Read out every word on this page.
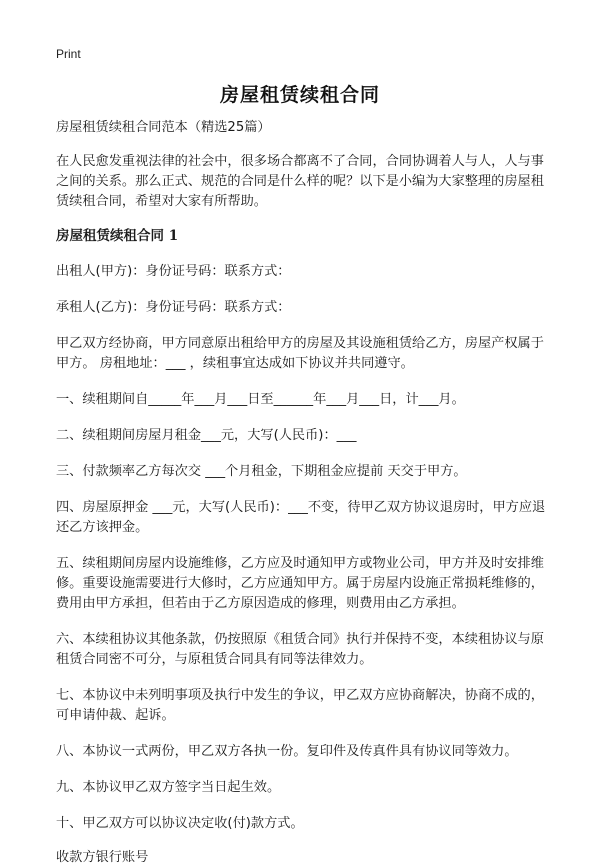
Print
房屋租赁续租合同

房屋租赁续租合同范本（精选25篇）

在人民愈发重视法律的社会中，很多场合都离不了合同，合同协调着人与人，人与事之间的关系。那么正式、规范的合同是什么样的呢？以下是小编为大家整理的房屋租赁续租合同，希望对大家有所帮助。

房屋租赁续租合同 1

出租人(甲方)：身份证号码：联系方式：

承租人(乙方)：身份证号码：联系方式：

甲乙双方经协商，甲方同意原出租给甲方的房屋及其设施租赁给乙方，房屋产权属于甲方。 房租地址：___ ，续租事宜达成如下协议并共同遵守。

一、续租期间自_____年___月___日至______年___月___日，计___月。

二、续租期间房屋月租金___元，大写(人民币)：___

三、付款频率乙方每次交 ___个月租金，下期租金应提前 天交于甲方。

四、房屋原押金 ___元，大写(人民币)：___不变，待甲乙双方协议退房时，甲方应退还乙方该押金。

五、续租期间房屋内设施维修，乙方应及时通知甲方或物业公司，甲方并及时安排维修。重要设施需要进行大修时，乙方应通知甲方。属于房屋内设施正常损耗维修的，费用由甲方承担，但若由于乙方原因造成的修理，则费用由乙方承担。

六、本续租协议其他条款，仍按照原《租赁合同》执行并保持不变，本续租协议与原租赁合同密不可分，与原租赁合同具有同等法律效力。

七、本协议中未列明事项及执行中发生的争议，甲乙双方应协商解决，协商不成的，可申请仲裁、起诉。

八、本协议一式两份，甲乙双方各执一份。复印件及传真件具有协议同等效力。

九、本协议甲乙双方签字当日起生效。

十、甲乙双方可以协议决定收(付)款方式。

收款方银行账号
